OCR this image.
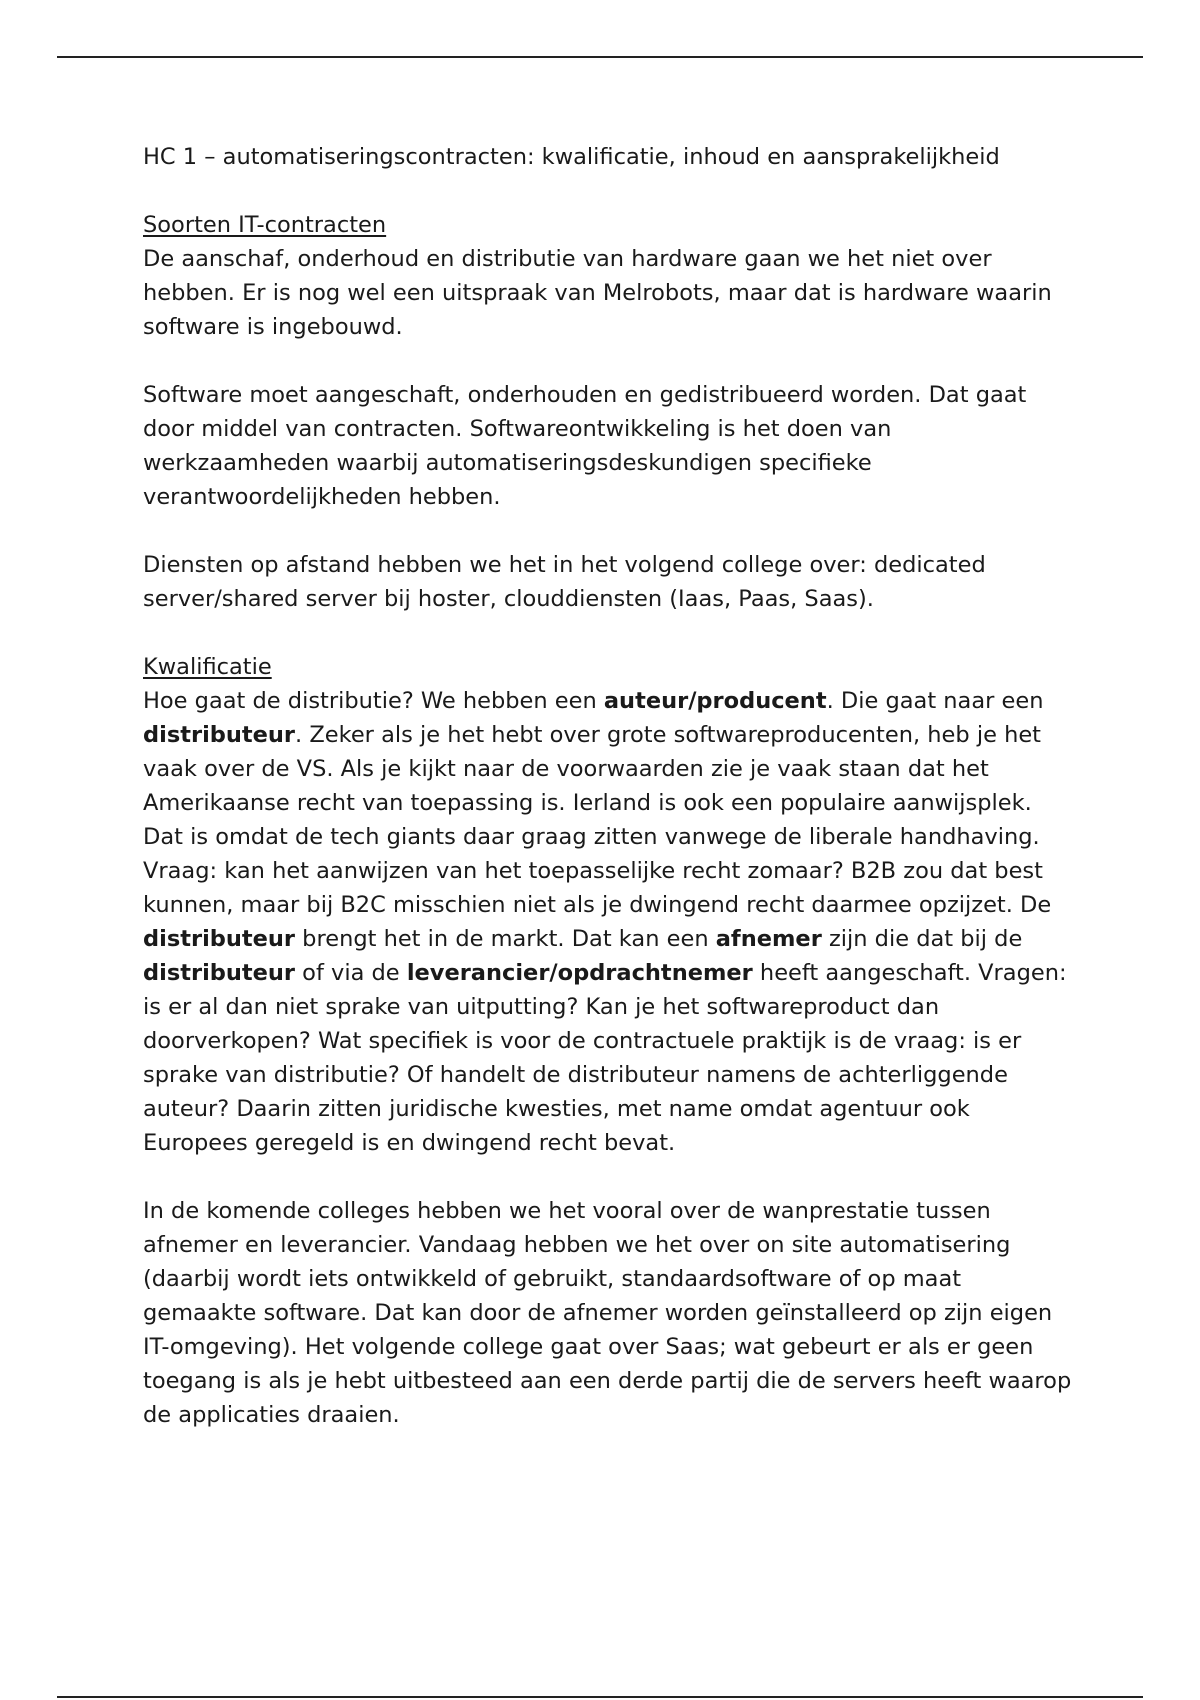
HC 1 – automatiseringscontracten: kwalificatie, inhoud en aansprakelijkheid

Soorten IT-contracten
De aanschaf, onderhoud en distributie van hardware gaan we het niet over hebben. Er is nog wel een uitspraak van Melrobots, maar dat is hardware waarin software is ingebouwd.

Software moet aangeschaft, onderhouden en gedistribueerd worden. Dat gaat door middel van contracten. Softwareontwikkeling is het doen van werkzaamheden waarbij automatiseringsdeskundigen specifieke verantwoordelijkheden hebben.

Diensten op afstand hebben we het in het volgend college over: dedicated server/shared server bij hoster, clouddiensten (Iaas, Paas, Saas).

Kwalificatie
Hoe gaat de distributie? We hebben een auteur/producent. Die gaat naar een distributeur. Zeker als je het hebt over grote softwareproducenten, heb je het vaak over de VS. Als je kijkt naar de voorwaarden zie je vaak staan dat het Amerikaanse recht van toepassing is. Ierland is ook een populaire aanwijsplek. Dat is omdat de tech giants daar graag zitten vanwege de liberale handhaving. Vraag: kan het aanwijzen van het toepasselijke recht zomaar? B2B zou dat best kunnen, maar bij B2C misschien niet als je dwingend recht daarmee opzijzet. De distributeur brengt het in de markt. Dat kan een afnemer zijn die dat bij de distributeur of via de leverancier/opdrachtnemer heeft aangeschaft. Vragen: is er al dan niet sprake van uitputting? Kan je het softwareproduct dan doorverkopen? Wat specifiek is voor de contractuele praktijk is de vraag: is er sprake van distributie? Of handelt de distributeur namens de achterliggende auteur? Daarin zitten juridische kwesties, met name omdat agentuur ook Europees geregeld is en dwingend recht bevat.

In de komende colleges hebben we het vooral over de wanprestatie tussen afnemer en leverancier. Vandaag hebben we het over on site automatisering (daarbij wordt iets ontwikkeld of gebruikt, standaardsoftware of op maat gemaakte software. Dat kan door de afnemer worden geïnstalleerd op zijn eigen IT-omgeving). Het volgende college gaat over Saas; wat gebeurt er als er geen toegang is als je hebt uitbesteed aan een derde partij die de servers heeft waarop de applicaties draaien.
